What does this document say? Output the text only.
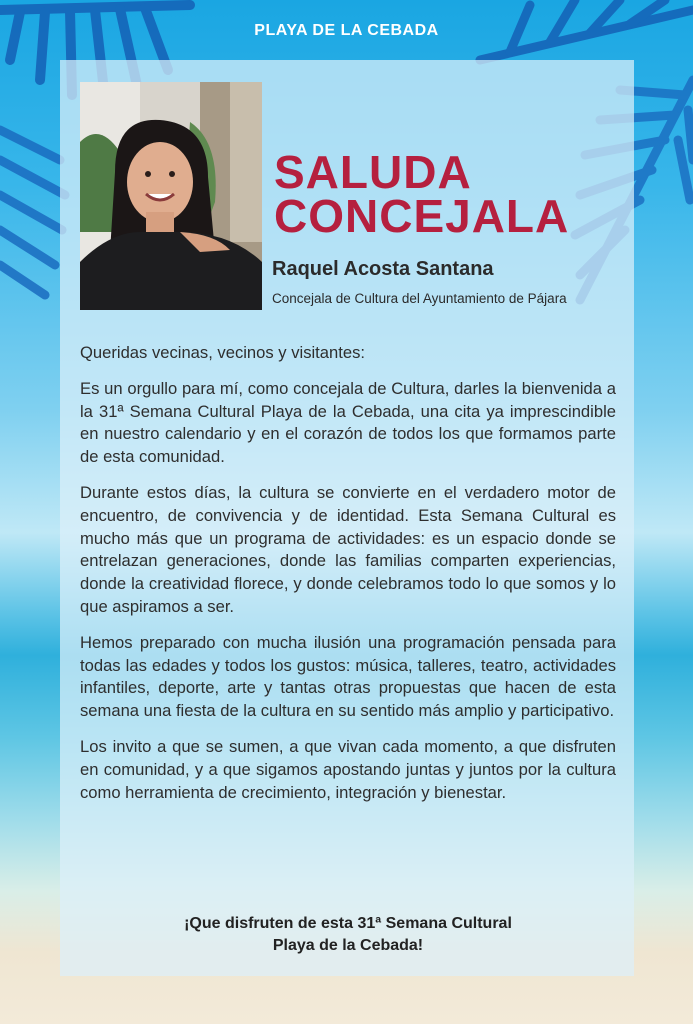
PLAYA DE LA CEBADA
SALUDA
CONCEJALA
Raquel Acosta Santana
Concejala de Cultura del Ayuntamiento de Pájara

Queridas vecinas, vecinos y visitantes:

Es un orgullo para mí, como concejala de Cultura, darles la bienvenida a la 31ª Semana Cultural Playa de la Cebada, una cita ya imprescindible en nuestro calendario y en el corazón de todos los que formamos parte de esta comunidad.

Durante estos días, la cultura se convierte en el verdadero motor de encuentro, de convivencia y de identidad. Esta Semana Cultural es mucho más que un programa de actividades: es un espacio donde se entrelazan generaciones, donde las familias comparten experiencias, donde la creatividad florece, y donde celebramos todo lo que somos y lo que aspiramos a ser.

Hemos preparado con mucha ilusión una programación pensada para todas las edades y todos los gustos: música, talleres, teatro, actividades infantiles, deporte, arte y tantas otras propuestas que hacen de esta semana una fiesta de la cultura en su sentido más amplio y participativo.

Los invito a que se sumen, a que vivan cada momento, a que disfruten en comunidad, y a que sigamos apostando juntas y juntos por la cultura como herramienta de crecimiento, integración y bienestar.

¡Que disfruten de esta 31ª Semana Cultural
Playa de la Cebada!
